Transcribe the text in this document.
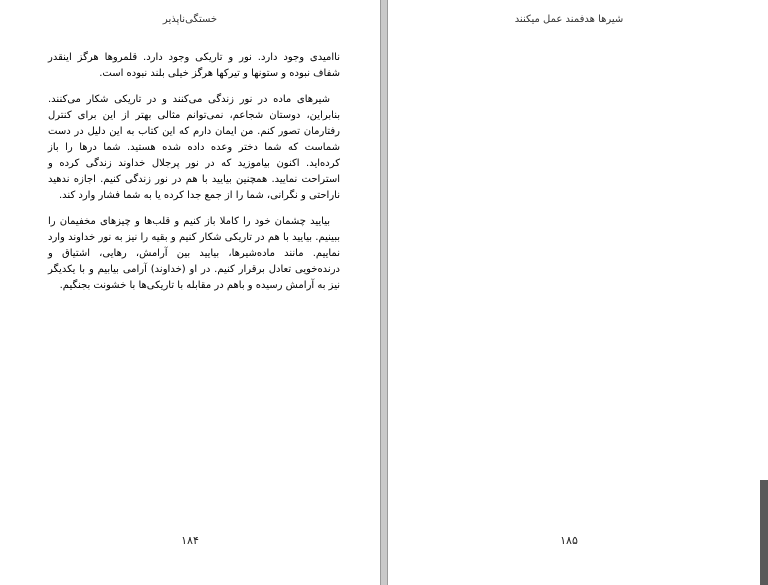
خستگی‌ناپذیر

ناامیدی وجود دارد. نور و تاریکی وجود دارد. قلمروها هرگز اینقدر شفاف نبوده و ستونها و تیرکها هرگز خیلی بلند نبوده است.

شیرهای ماده در نور زندگی می‌کنند و در تاریکی شکار می‌کنند. بنابراین، دوستان شجاعم، نمی‌توانم مثالی بهتر از این برای کنترل رفتارمان تصور کنم. من ایمان دارم که این کتاب به این دلیل در دست شماست که شما دختر وعده داده شده هستید. شما درها را باز کرده‌اید. اکنون بیاموزید که در نور پرجلال خداوند زندگی کرده و استراحت نمایید. همچنین بیایید با هم در نور زندگی کنیم. اجازه ندهید ناراحتی و نگرانی، شما را از جمع جدا کرده یا به شما فشار وارد کند.

بیایید چشمان خود را کاملا باز کنیم و قلب‌ها و چیزهای مخفیمان را ببینیم. بیایید با هم در تاریکی شکار کنیم و بقیه را نیز به نور خداوند وارد نماییم. مانند ماده‌شیرها، بیایید بین آرامش، رهایی، اشتیاق و درنده‌خویی تعادل برقرار کنیم. در او (خداوند) آرامی بیابیم و با یکدیگر نیز به آرامش رسیده و باهم در مقابله با تاریکی‌ها با خشونت بجنگیم.

۱۸۴
شیرها هدفمند عمل میکنند
۱۸۵
